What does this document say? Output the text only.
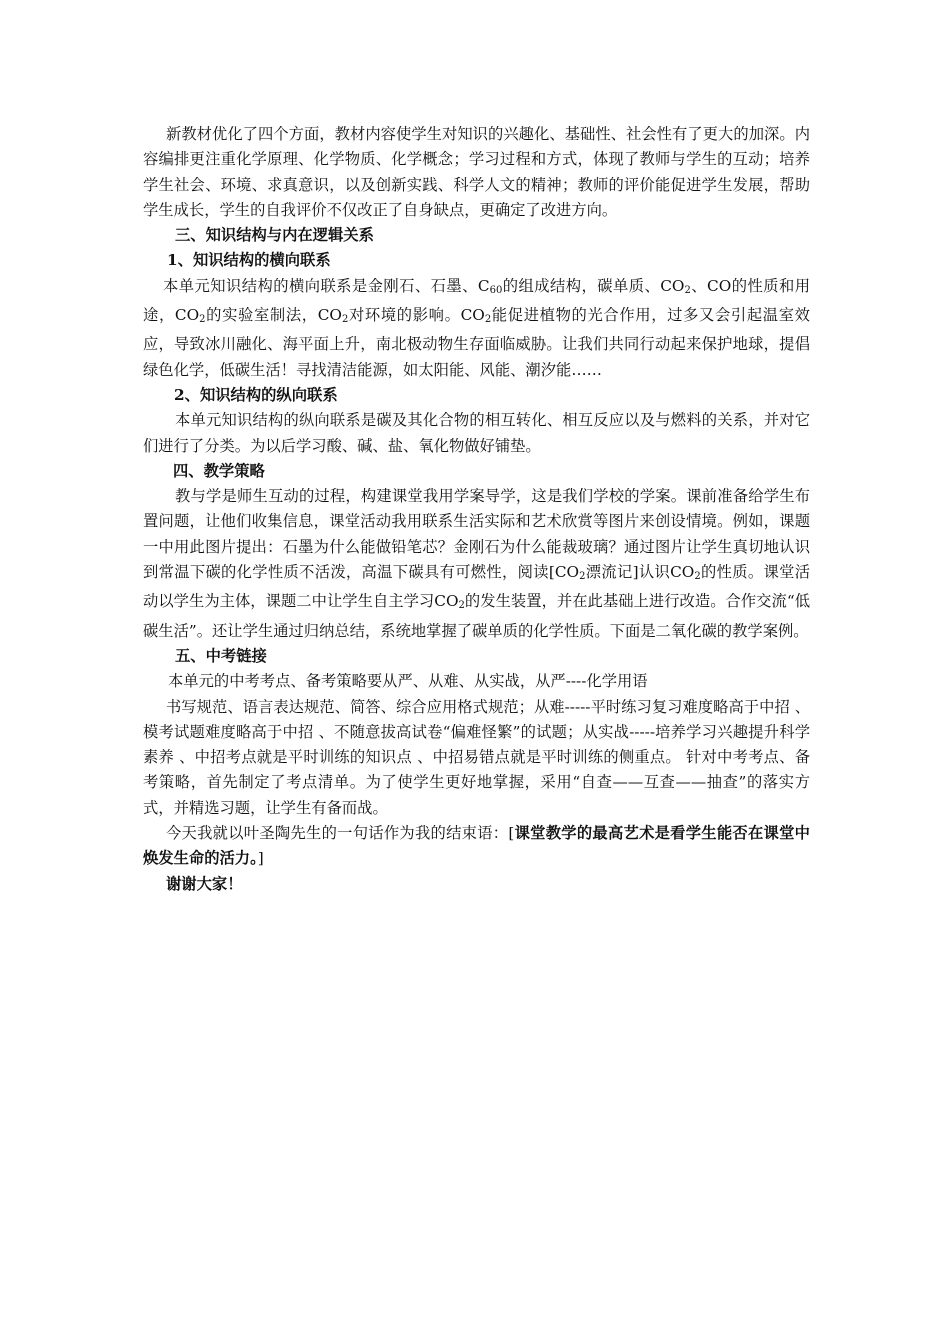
新教材优化了四个方面，教材内容使学生对知识的兴趣化、基础性、社会性有了更大的加深。内容编排更注重化学原理、化学物质、化学概念；学习过程和方式，体现了教师与学生的互动；培养学生社会、环境、求真意识，以及创新实践、科学人文的精神；教师的评价能促进学生发展，帮助学生成长，学生的自我评价不仅改正了自身缺点，更确定了改进方向。

三、知识结构与内在逻辑关系

1、知识结构的横向联系

本单元知识结构的横向联系是金刚石、石墨、$C_{60}$的组成结构，碳单质、$CO_2$、CO的性质和用途，$CO_2$的实验室制法，$CO_2$对环境的影响。$CO_2$能促进植物的光合作用，过多又会引起温室效应，导致冰川融化、海平面上升，南北极动物生存面临威胁。让我们共同行动起来保护地球，提倡绿色化学，低碳生活！寻找清洁能源，如太阳能、风能、潮汐能……

2、知识结构的纵向联系

本单元知识结构的纵向联系是碳及其化合物的相互转化、相互反应以及与燃料的关系，并对它们进行了分类。为以后学习酸、碱、盐、氧化物做好铺垫。

四、教学策略

教与学是师生互动的过程，构建课堂我用学案导学，这是我们学校的学案。课前准备给学生布置问题，让他们收集信息，课堂活动我用联系生活实际和艺术欣赏等图片来创设情境。例如，课题一中用此图片提出：石墨为什么能做铅笔芯？金刚石为什么能裁玻璃？通过图片让学生真切地认识到常温下碳的化学性质不活泼，高温下碳具有可燃性，阅读[$CO_2$漂流记]认识$CO_2$的性质。课堂活动以学生为主体，课题二中让学生自主学习$CO_2$的发生装置，并在此基础上进行改造。合作交流“低碳生活”。还让学生通过归纳总结，系统地掌握了碳单质的化学性质。下面是二氧化碳的教学案例。

五、中考链接

本单元的中考考点、备考策略要从严、从难、从实战，从严----化学用语

书写规范、语言表达规范、简答、综合应用格式规范；从难-----平时练习复习难度略高于中招 、模考试题难度略高于中招 、不随意拔高试卷“偏难怪繁”的试题；从实战-----培养学习兴趣提升科学素养 、中招考点就是平时训练的知识点 、中招易错点就是平时训练的侧重点。 针对中考考点、备考策略，首先制定了考点清单。为了使学生更好地掌握，采用“自查——互查——抽查”的落实方式，并精选习题，让学生有备而战。

今天我就以叶圣陶先生的一句话作为我的结束语：[课堂教学的最高艺术是看学生能否在课堂中焕发生命的活力。]

谢谢大家！
